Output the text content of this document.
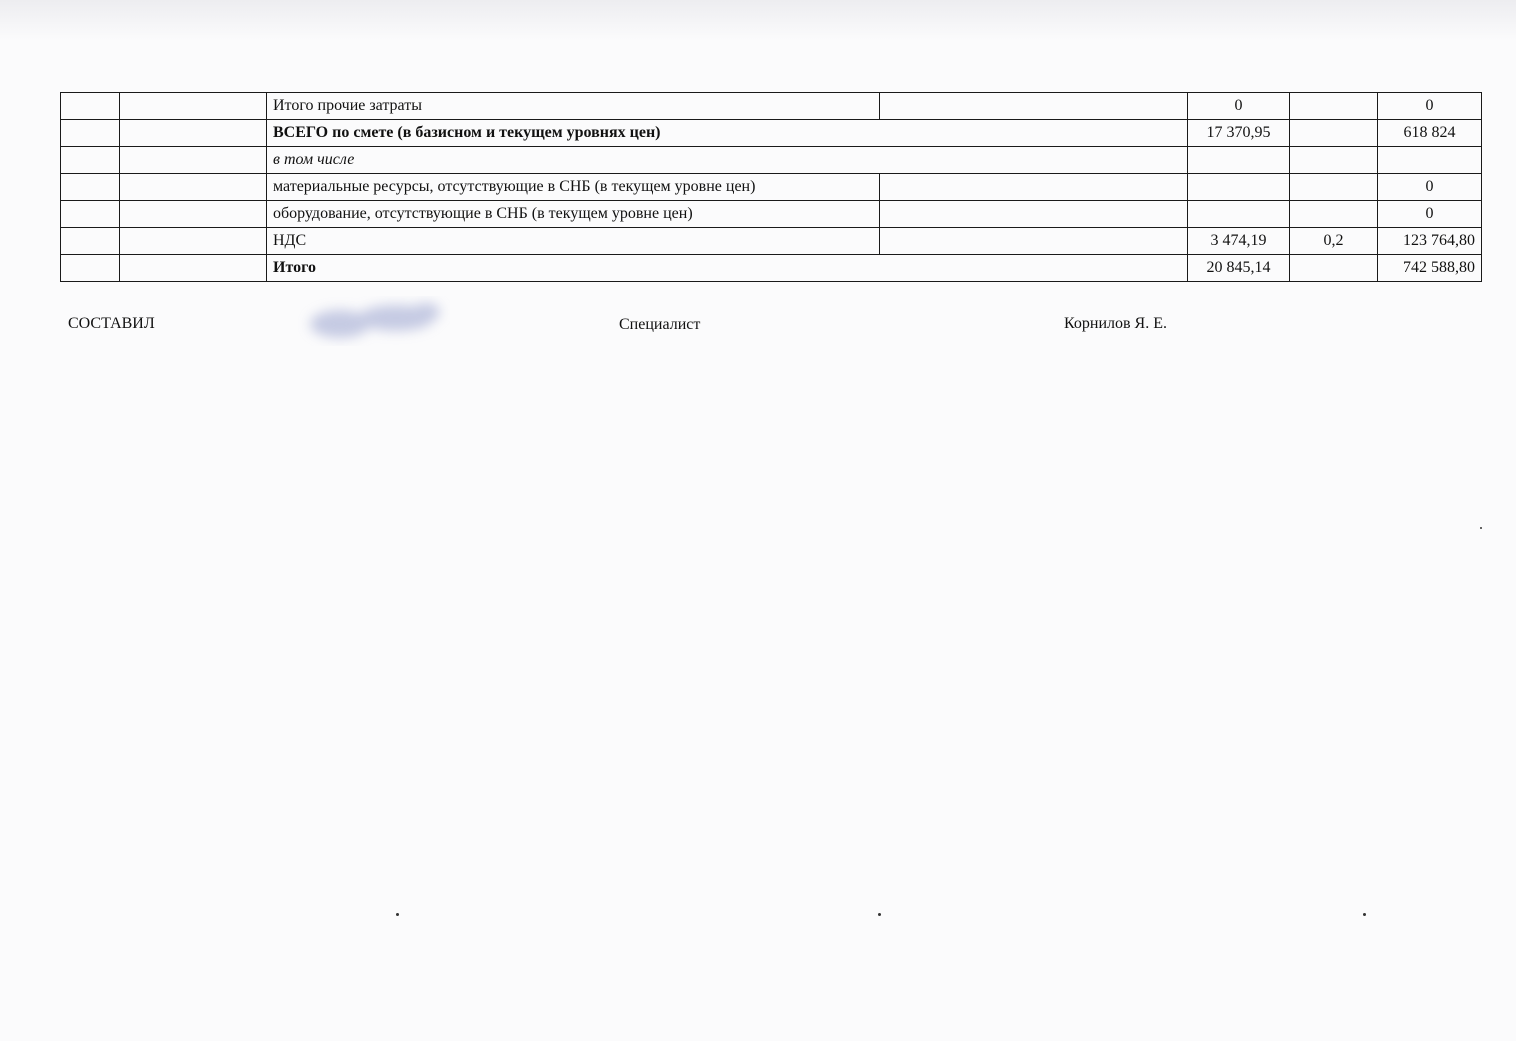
		Итого прочие затраты		0		0
		ВСЕГО по смете (в базисном и текущем уровнях цен)		17 370,95		618 824
		в том числе				
		материальные ресурсы, отсутствующие в СНБ (в текущем уровне цен)				0
		оборудование, отсутствующие в СНБ (в текущем уровне цен)				0
		НДС		3 474,19	0,2	123 764,80
		Итого		20 845,14		742 588,80
СОСТАВИЛ	Специалист	Корнилов Я. Е.
